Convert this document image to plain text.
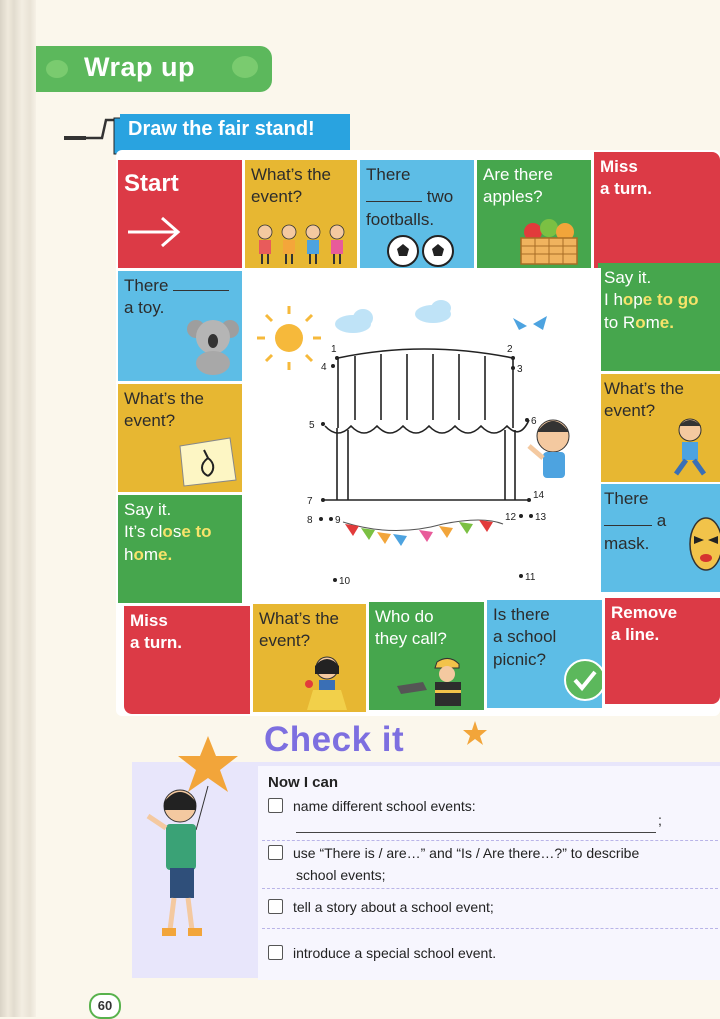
Wrap up
Draw the fair stand!
Start	What’s the
event?
There
two
footballs.
Are there
apples?
Miss
a turn.
There
a toy.
What’s the
event?
Say it.
It’s close to
home.
Say it.
I hope to go
to Rome.
What’s the
event?
There
a
mask.
1	2
3
4
5	6
7
8 9
10	11
12 13
14
Miss
a turn.
What’s the
event?
Who do
they call?
Is there
a school
picnic?
Remove
a line.
Check it
Now I can
name different school events:
;
use “There is / are…” and “Is / Are there…?” to describe
school events;
tell a story about a school event;
introduce a special school event.
60
